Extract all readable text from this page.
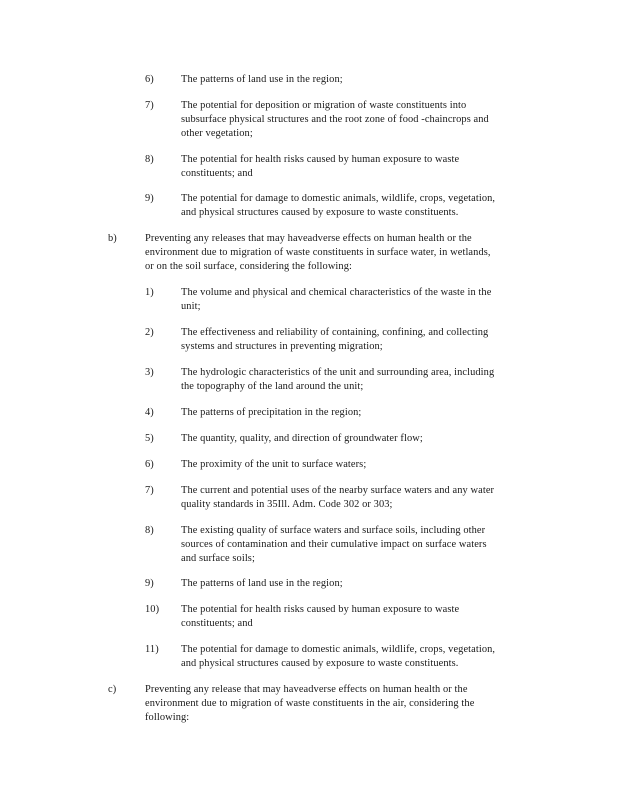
6)	The patterns of land use in the region;
7)	The potential for deposition or migration of waste constituents into
subsurface physical structures and the root zone of food -chaincrops and
other vegetation;
8)	The potential for health risks caused by human exposure to waste
constituents; and
9)	The potential for damage to domestic animals, wildlife, crops, vegetation,
and physical structures caused by exposure to waste constituents.
b)	Preventing any releases that may haveadverse effects on human health or the
environment due to migration of waste constituents in surface water, in wetlands,
or on the soil surface, considering the following:
1)	The volume and physical and chemical characteristics of the waste in the
unit;
2)	The effectiveness and reliability of containing, confining, and collecting
systems and structures in preventing migration;
3)	The hydrologic characteristics of the unit and surrounding area, including
the topography of the land around the unit;
4)	The patterns of precipitation in the region;
5)	The quantity, quality, and direction of groundwater flow;
6)	The proximity of the unit to surface waters;
7)	The current and potential uses of the nearby surface waters and any water
quality standards in 35Ill. Adm. Code 302 or 303;
8)	The existing quality of surface waters and surface soils, including other
sources of contamination and their cumulative impact on surface waters
and surface soils;
9)	The patterns of land use in the region;
10) The potential for health risks caused by human exposure to waste
constituents; and
11) The potential for damage to domestic animals, wildlife, crops, vegetation,
and physical structures caused by exposure to waste constituents.
c)	Preventing any release that may haveadverse effects on human health or the
environment due to migration of waste constituents in the air, considering the
following:
